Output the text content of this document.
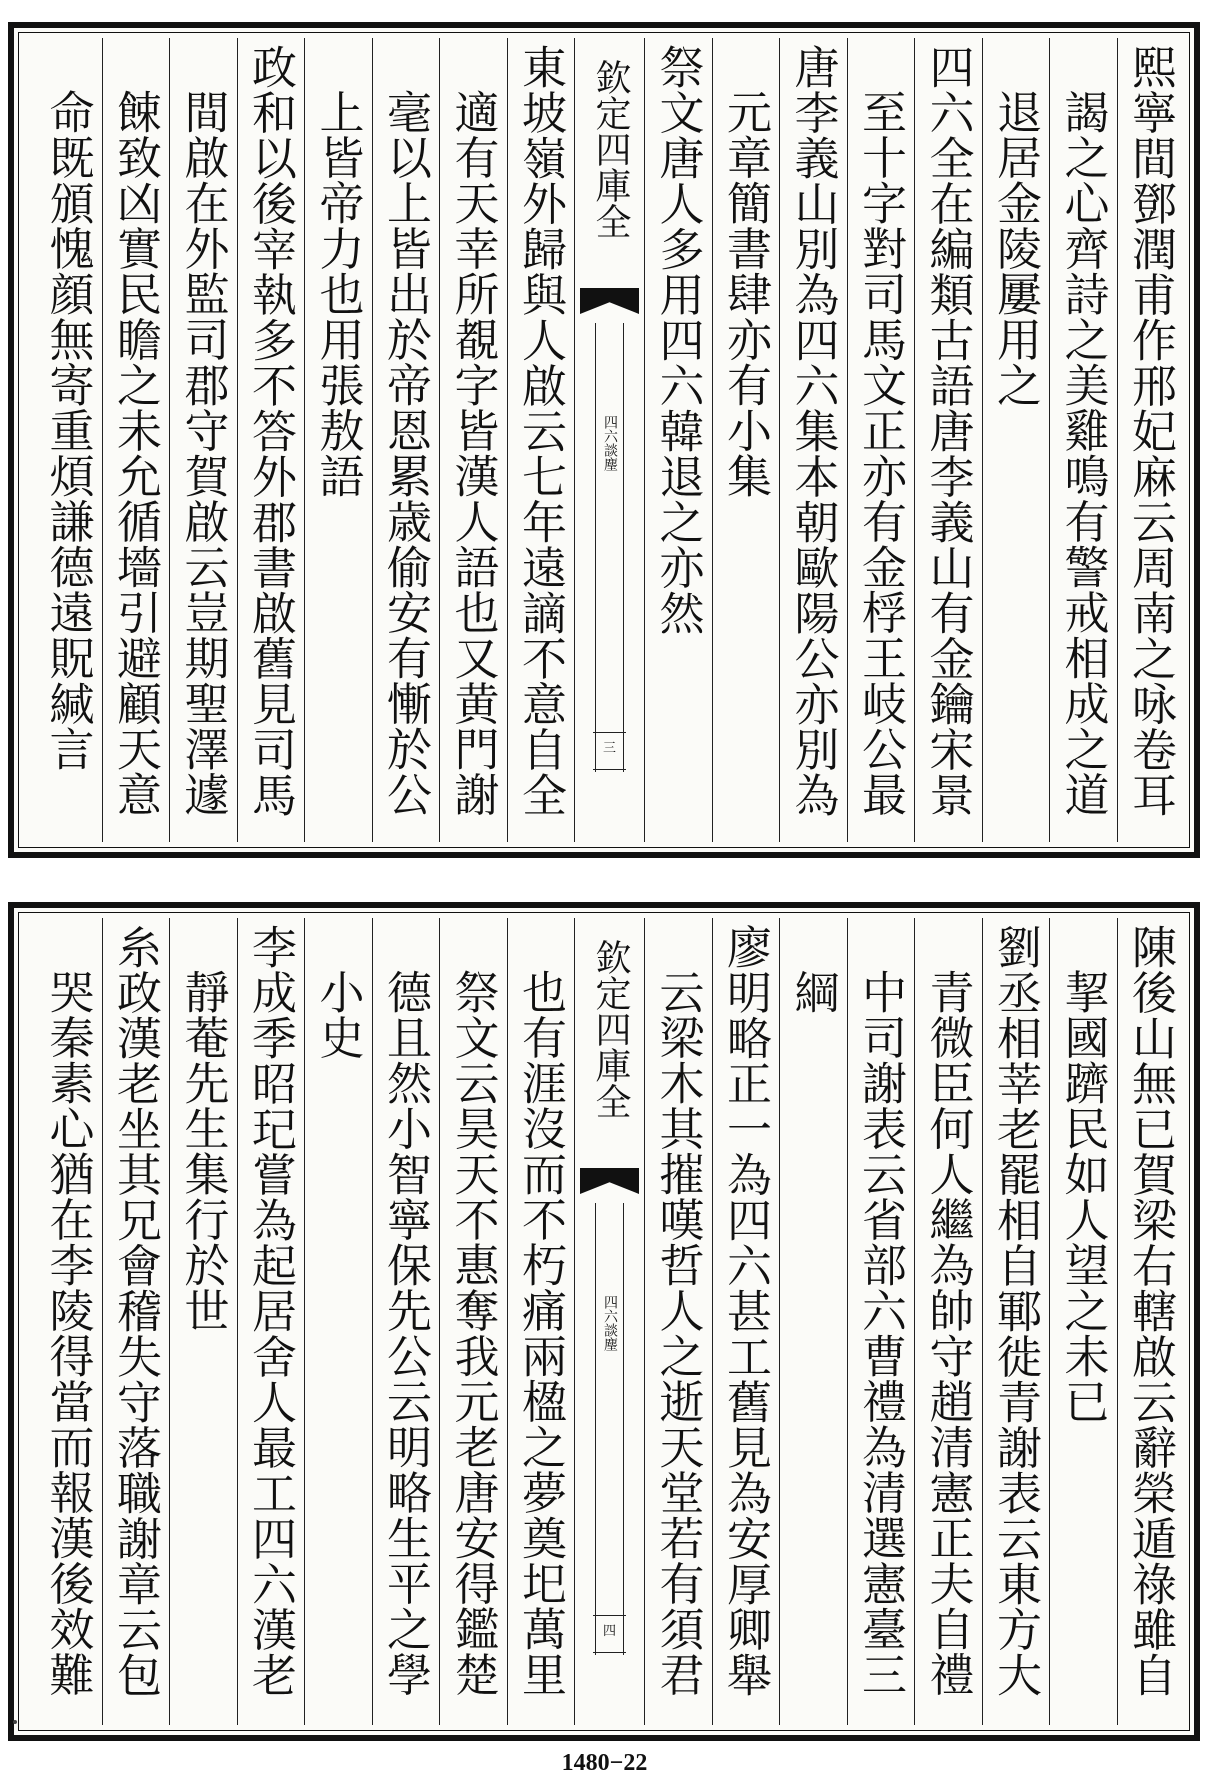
熙寧間鄧潤甫作邢妃麻云周南之咏卷耳
謁之心齊詩之美雞鳴有警戒相成之道
退居金陵屢用之
四六全在編類古語唐李義山有金鑰宋景
至十字對司馬文正亦有金桴王岐公最
唐李義山別為四六集本朝歐陽公亦別為
元章簡書肆亦有小集
祭文唐人多用四六韓退之亦然
欽定四庫全
四六談麈
三
東坡嶺外歸與人啟云七年遠謫不意自全
適有天幸所覩字皆漢人語也又黄門謝
毫以上皆出於帝恩累歳偷安有慚於公
上皆帝力也用張敖語
政和以後宰執多不答外郡書啟舊見司馬
間啟在外監司郡守賀啟云豈期聖澤遽
餗致凶實民瞻之未允循墻引避顧天意
命既頒愧顔無寄重煩謙德遠貺緘言
陳後山無已賀梁右轄啟云辭榮遁祿雖自
挈國躋民如人望之未已
劉丞相莘老罷相自鄆徙青謝表云東方大
青微臣何人繼為帥守趙清憲正夫自禮
中司謝表云省部六曹禮為清選憲臺三
綱
廖明略正一為四六甚工舊見為安厚卿舉
云梁木其摧嘆哲人之逝天堂若有須君
欽定四庫全
四六談麈
四
也有涯沒而不朽痛兩楹之夢奠圯萬里
祭文云昊天不惠奪我元老唐安得鑑楚
德且然小智寧保先公云明略生平之學
小史
李成季昭玘嘗為起居舍人最工四六漢老
靜菴先生集行於世
糸政漢老坐其兄會稽失守落職謝章云包
哭秦素心猶在李陵得當而報漢後效難
1480−22
